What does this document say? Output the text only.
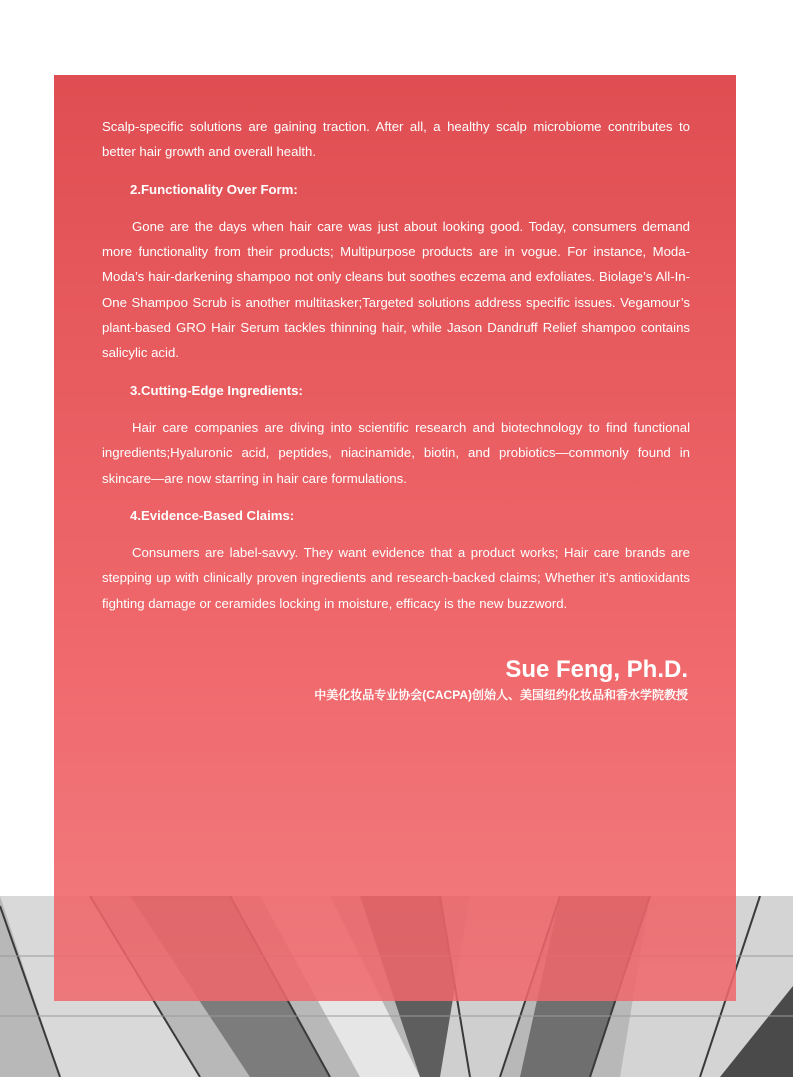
Scalp-specific solutions are gaining traction. After all, a healthy scalp microbiome contributes to better hair growth and overall health.

2.Functionality Over Form:

Gone are the days when hair care was just about looking good. Today, consumers demand more functionality from their products; Multipurpose products are in vogue. For instance, Moda-Moda’s hair-darkening shampoo not only cleans but soothes eczema and exfoliates. Biolage’s All-In-One Shampoo Scrub is another multitasker;Targeted solutions address specific issues. Vegamour’s plant-based GRO Hair Serum tackles thinning hair, while Jason Dandruff Relief shampoo contains salicylic acid.

3.Cutting-Edge Ingredients:

Hair care companies are diving into scientific research and biotechnology to find functional ingredients;Hyaluronic acid, peptides, niacinamide, biotin, and probiotics—commonly found in skincare—are now starring in hair care formulations.

4.Evidence-Based Claims:

Consumers are label-savvy. They want evidence that a product works; Hair care brands are stepping up with clinically proven ingredients and research-backed claims; Whether it’s antioxidants fighting damage or ceramides locking in moisture, efficacy is the new buzzword.

Sue Feng, Ph.D.
中美化妆品专业协会(CACPA)创始人、美国纽约化妆品和香水学院教授
